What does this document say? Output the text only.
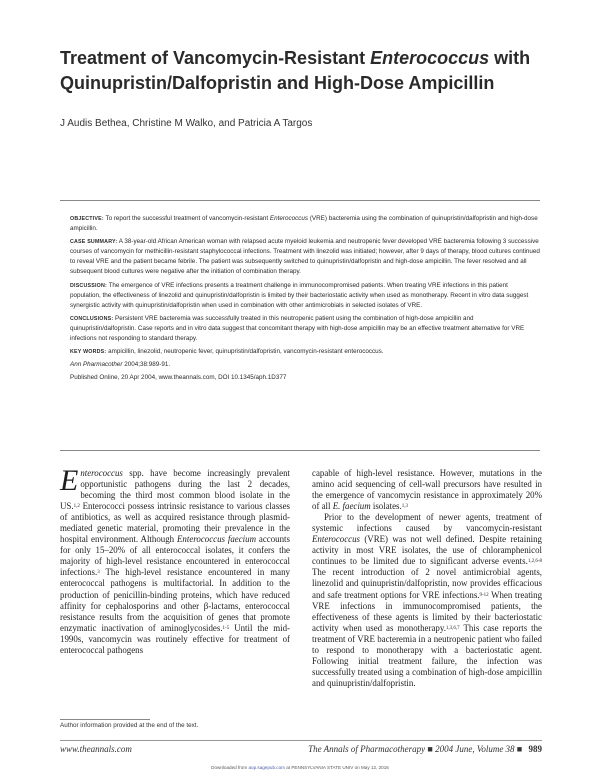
Treatment of Vancomycin-Resistant Enterococcus with
Quinupristin/Dalfopristin and High-Dose Ampicillin
J Audis Bethea, Christine M Walko, and Patricia A Targos

OBJECTIVE: To report the successful treatment of vancomycin-resistant Enterococcus (VRE) bacteremia using the combination of quinupristin/dalfopristin and high-dose ampicillin.

CASE SUMMARY: A 38-year-old African American woman with relapsed acute myeloid leukemia and neutropenic fever developed VRE bacteremia following 3 successive courses of vancomycin for methicillin-resistant staphylococcal infections. Treatment with linezolid was initiated; however, after 9 days of therapy, blood cultures continued to reveal VRE and the patient became febrile. The patient was subsequently switched to quinupristin/dalfopristin and high-dose ampicillin. The fever resolved and all subsequent blood cultures were negative after the initiation of combination therapy.

DISCUSSION: The emergence of VRE infections presents a treatment challenge in immunocompromised patients. When treating VRE infections in this patient population, the effectiveness of linezolid and quinupristin/dalfopristin is limited by their bacteriostatic activity when used as monotherapy. Recent in vitro data suggest synergistic activity with quinupristin/dalfopristin when used in combination with other antimicrobials in selected isolates of VRE.

CONCLUSIONS: Persistent VRE bacteremia was successfully treated in this neutropenic patient using the combination of high-dose ampicillin and quinupristin/dalfopristin. Case reports and in vitro data suggest that concomitant therapy with high-dose ampicillin may be an effective treatment alternative for VRE infections not responding to standard therapy.

KEY WORDS: ampicillin, linezolid, neutropenic fever, quinupristin/dalfopristin, vancomycin-resistant enterococcus.

Ann Pharmacother 2004;38:989-91.

Published Online, 20 Apr 2004, www.theannals.com, DOI 10.1345/aph.1D377

Enterococcus spp. have become increasingly prevalent opportunistic pathogens during the last 2 decades, becoming the third most common blood isolate in the US.$^{1,2}$ Enterococci possess intrinsic resistance to various classes of antibiotics, as well as acquired resistance through plasmid-mediated genetic material, promoting their prevalence in the hospital environment. Although Enterococcus faecium accounts for only 15–20% of all enterococcal isolates, it confers the majority of high-level resistance encountered in enterococcal infections.$^3$ The high-level resistance encountered in many enterococcal pathogens is multifactorial. In addition to the production of penicillin-binding proteins, which have reduced affinity for cephalosporins and other β-lactams, enterococcal resistance results from the acquisition of genes that promote enzymatic inactivation of aminoglycosides.$^{1-5}$ Until the mid-1990s, vancomycin was routinely effective for treatment of enterococcal pathogens

capable of high-level resistance. However, mutations in the amino acid sequencing of cell-wall precursors have resulted in the emergence of vancomycin resistance in approximately 20% of all E. faecium isolates.$^{1,3}$

Prior to the development of newer agents, treatment of systemic infections caused by vancomycin-resistant Enterococcus (VRE) was not well defined. Despite retaining activity in most VRE isolates, the use of chloramphenicol continues to be limited due to significant adverse events.$^{1,2,6-8}$ The recent introduction of 2 novel antimicrobial agents, linezolid and quinupristin/dalfopristin, now provides efficacious and safe treatment options for VRE infections.$^{9-12}$ When treating VRE infections in immunocompromised patients, the effectiveness of these agents is limited by their bacteriostatic activity when used as monotherapy.$^{1,3,6,7}$ This case reports the treatment of VRE bacteremia in a neutropenic patient who failed to respond to monotherapy with a bacteriostatic agent. Following initial treatment failure, the infection was successfully treated using a combination of high-dose ampicillin and quinupristin/dalfopristin.

Author information provided at the end of the text.
www.theannals.com	The Annals of Pharmacotherapy ■ 2004 June, Volume 38 ■ 989
Downloaded from aop.sagepub.com at PENNSYLVANIA STATE UNIV on May 12, 2016
